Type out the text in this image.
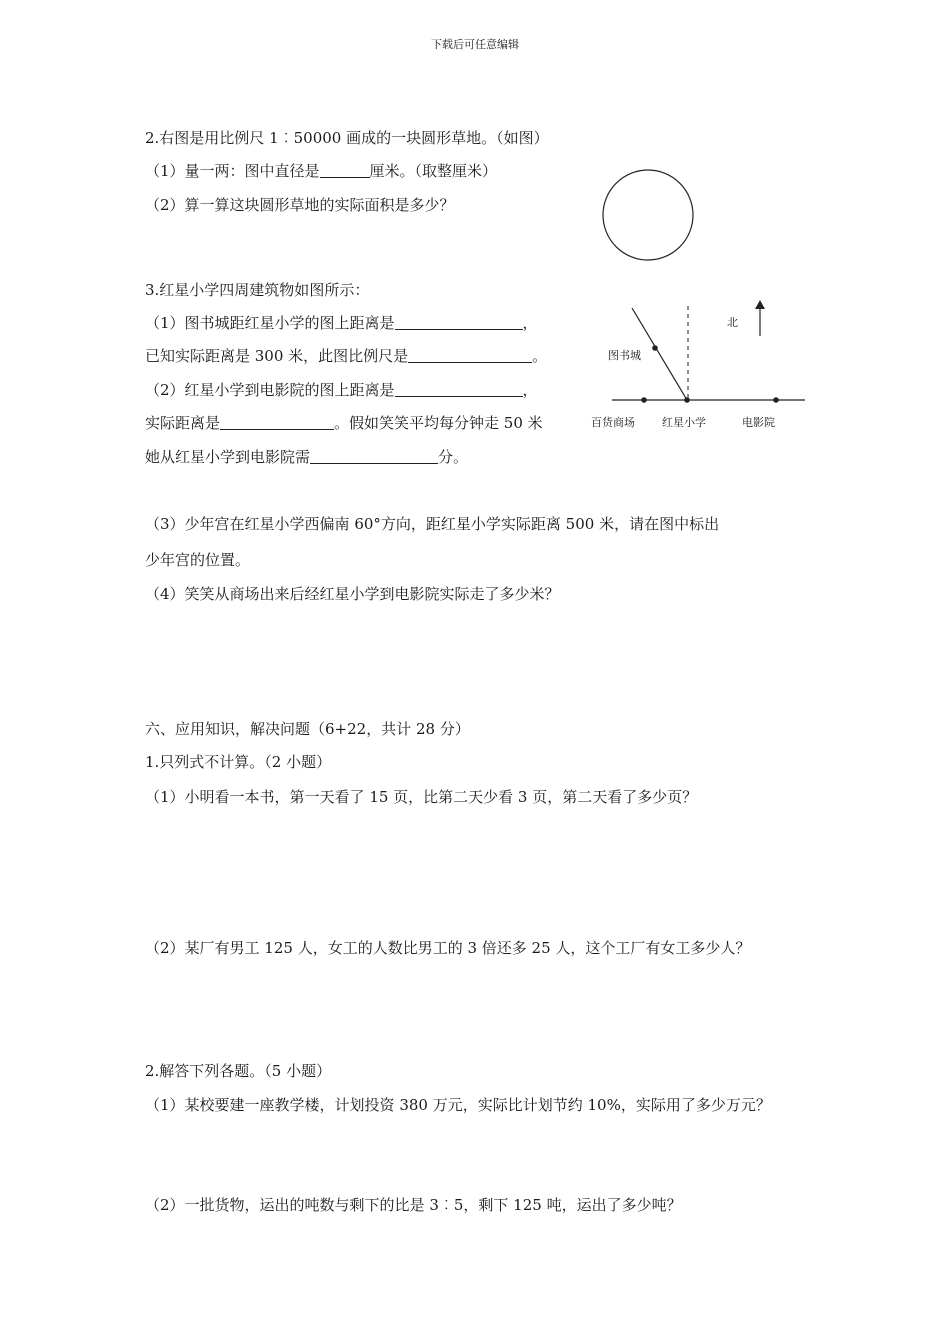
下载后可任意编辑
2.右图是用比例尺 1︰50000 画成的一块圆形草地。（如图）
（1）量一两：图中直径是	厘米。（取整厘米）
（2）算一算这块圆形草地的实际面积是多少？
3.红星小学四周建筑物如图所示：
（1）图书城距红星小学的图上距离是	，
已知实际距离是 300 米，此图比例尺是	。
（2）红星小学到电影院的图上距离是	，
实际距离是	。假如笑笑平均每分钟走 50 米
她从红星小学到电影院需	分。
北
图书城
百货商场 红星小学	电影院
（3）少年宫在红星小学西偏南 60°方向，距红星小学实际距离 500 米，请在图中标出
少年宫的位置。
（4）笑笑从商场出来后经红星小学到电影院实际走了多少米？
六、应用知识，解决问题（6+22，共计 28 分）
1.只列式不计算。（2 小题）
（1）小明看一本书，第一天看了 15 页，比第二天少看 3 页，第二天看了多少页？
（2）某厂有男工 125 人，女工的人数比男工的 3 倍还多 25 人，这个工厂有女工多少人？
2.解答下列各题。（5 小题）
（1）某校要建一座教学楼，计划投资 380 万元，实际比计划节约 10%，实际用了多少万元？
（2）一批货物，运出的吨数与剩下的比是 3︰5，剩下 125 吨，运出了多少吨？
